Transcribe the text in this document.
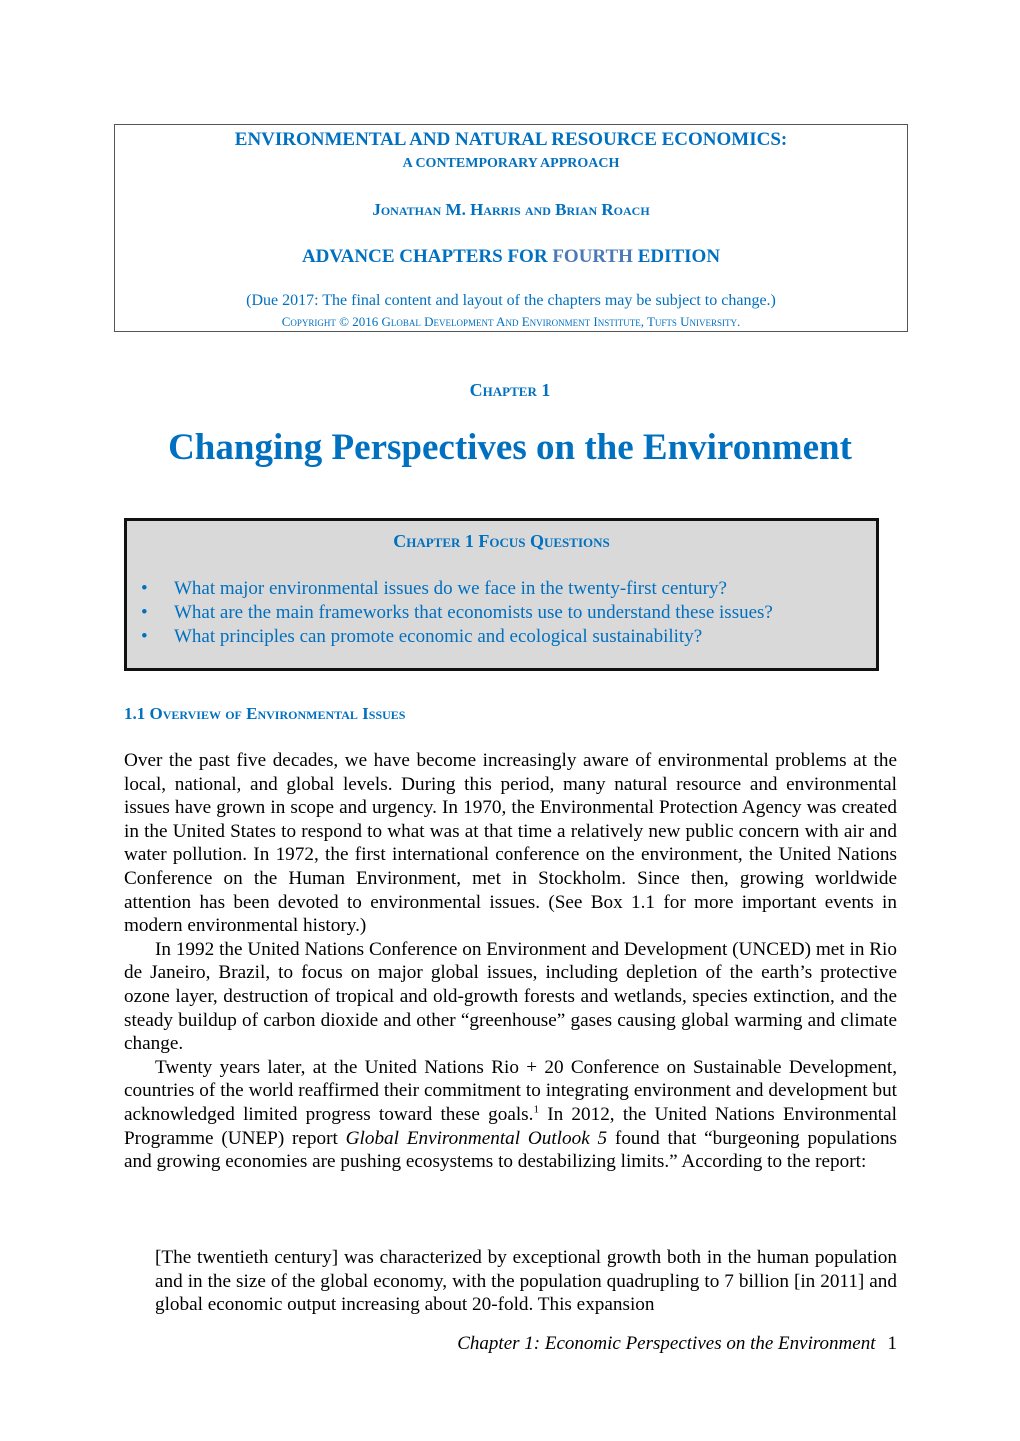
ENVIRONMENTAL AND NATURAL RESOURCE ECONOMICS:
A CONTEMPORARY APPROACH
Jonathan M. Harris and Brian Roach
ADVANCE CHAPTERS FOR FOURTH EDITION
(Due 2017: The final content and layout of the chapters may be subject to change.)
Copyright © 2016 Global Development And Environment Institute, Tufts University.
Chapter 1
Changing Perspectives on the Environment
Chapter 1 Focus Questions
• What major environmental issues do we face in the twenty-first century?
• What are the main frameworks that economists use to understand these issues?
• What principles can promote economic and ecological sustainability?
1.1 Overview of Environmental Issues

Over the past five decades, we have become increasingly aware of environmental problems at the local, national, and global levels. During this period, many natural resource and environmental issues have grown in scope and urgency. In 1970, the Environmental Protection Agency was created in the United States to respond to what was at that time a relatively new public concern with air and water pollution. In 1972, the first international conference on the environment, the United Nations Conference on the Human Environment, met in Stockholm. Since then, growing worldwide attention has been devoted to environmental issues. (See Box 1.1 for more important events in modern environmental history.)

In 1992 the United Nations Conference on Environment and Development (UNCED) met in Rio de Janeiro, Brazil, to focus on major global issues, including depletion of the earth’s protective ozone layer, destruction of tropical and old-growth forests and wetlands, species extinction, and the steady buildup of carbon dioxide and other “greenhouse” gases causing global warming and climate change.

Twenty years later, at the United Nations Rio + 20 Conference on Sustainable Development, countries of the world reaffirmed their commitment to integrating environment and development but acknowledged limited progress toward these goals.$^1$ In 2012, the United Nations Environmental Programme (UNEP) report Global Environmental Outlook 5 found that “burgeoning populations and growing economies are pushing ecosystems to destabilizing limits.” According to the report:

[The twentieth century] was characterized by exceptional growth both in the human population and in the size of the global economy, with the population quadrupling to 7 billion [in 2011] and global economic output increasing about 20-fold. This expansion
Chapter 1: Economic Perspectives on the Environment 1
